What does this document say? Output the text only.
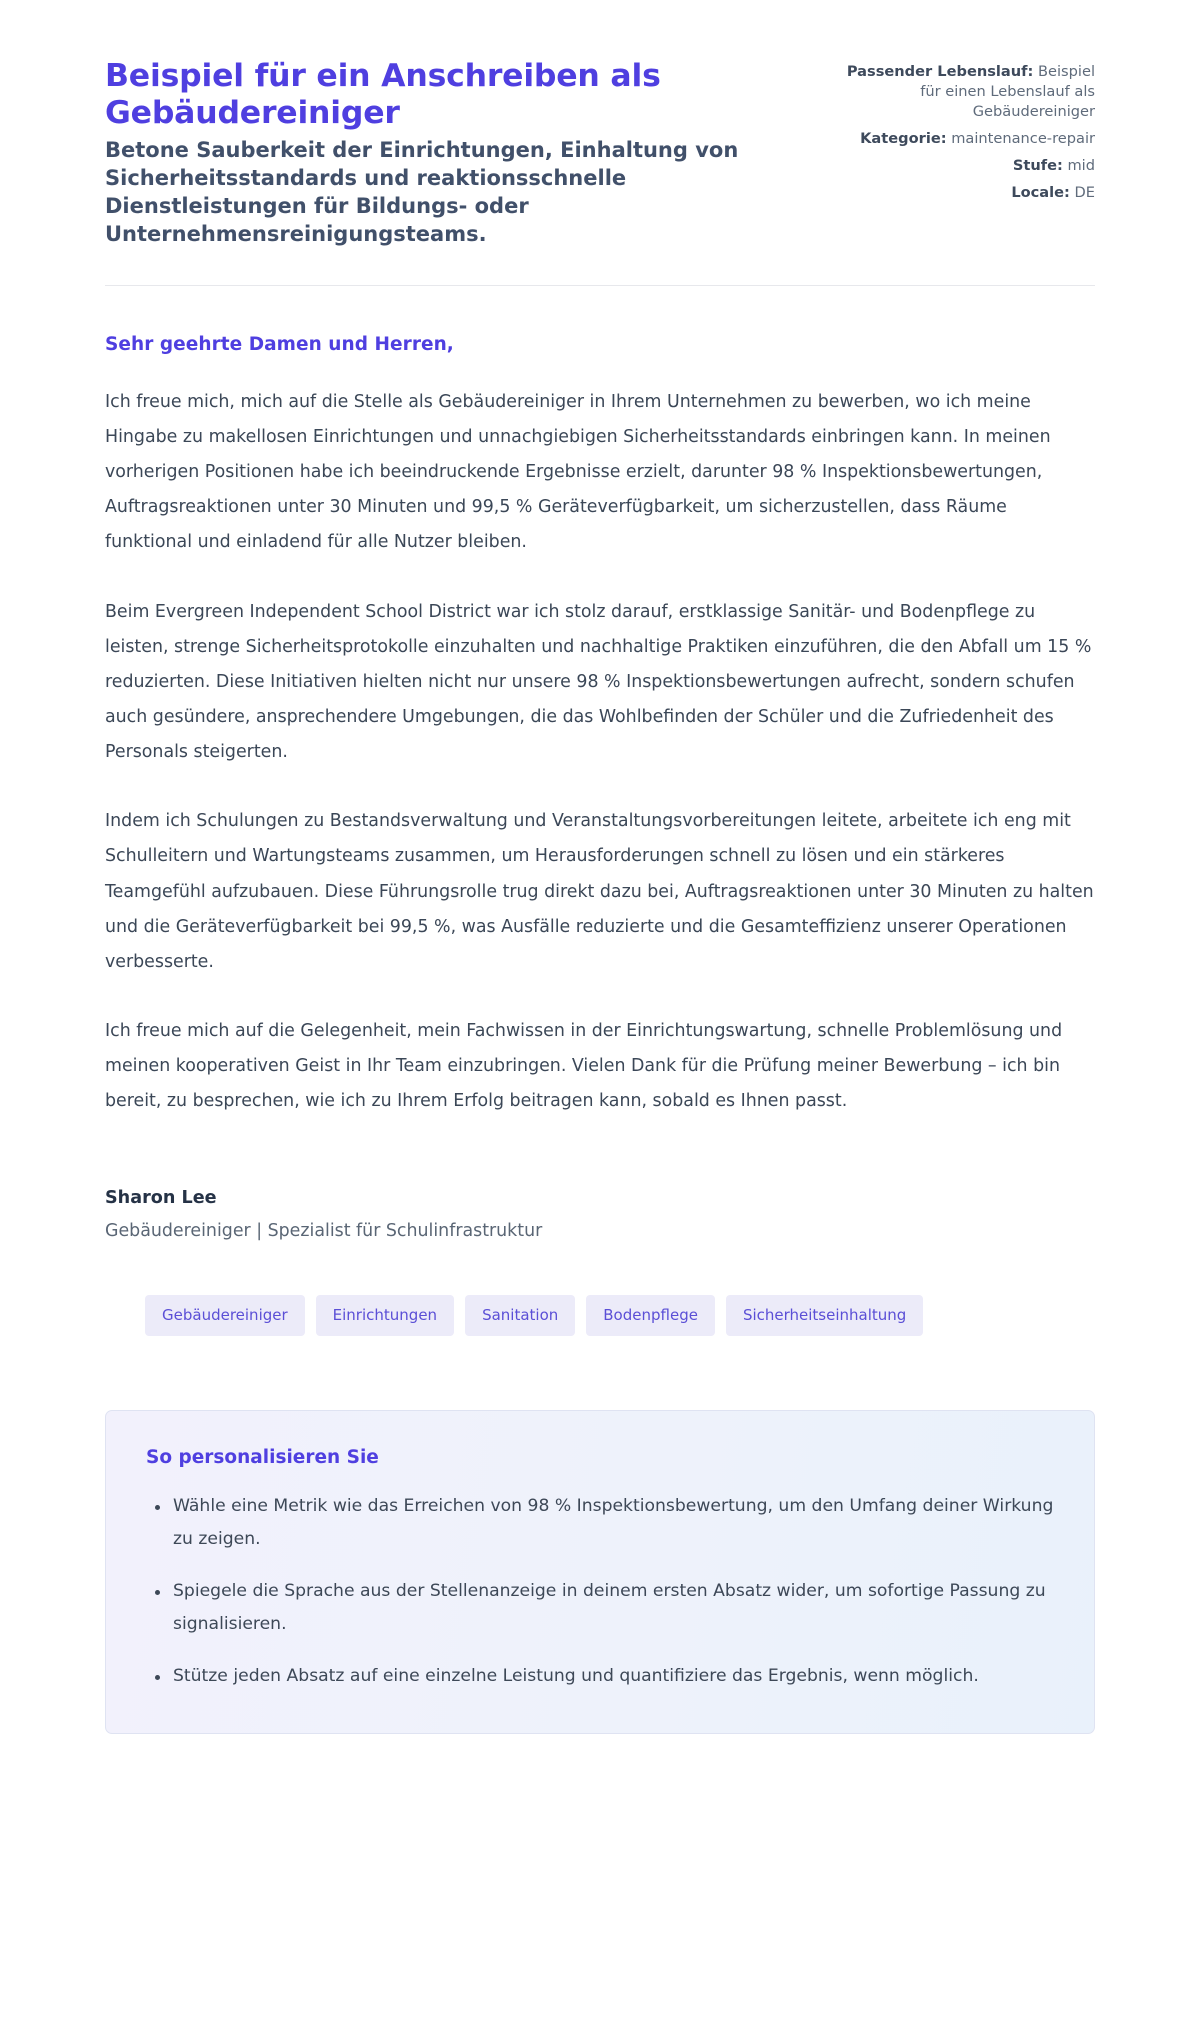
Beispiel für ein Anschreiben als Gebäudereiniger

Betone Sauberkeit der Einrichtungen, Einhaltung von Sicherheitsstandards und reaktionsschnelle Dienstleistungen für Bildungs- oder Unternehmensreinigungsteams.

Passender Lebenslauf: Beispiel für einen Lebenslauf als Gebäudereiniger
Kategorie: maintenance-repair
Stufe: mid
Locale: DE

Sehr geehrte Damen und Herren,

Ich freue mich, mich auf die Stelle als Gebäudereiniger in Ihrem Unternehmen zu bewerben, wo ich meine Hingabe zu makellosen Einrichtungen und unnachgiebigen Sicherheitsstandards einbringen kann. In meinen vorherigen Positionen habe ich beeindruckende Ergebnisse erzielt, darunter 98 % Inspektionsbewertungen, Auftragsreaktionen unter 30 Minuten und 99,5 % Geräteverfügbarkeit, um sicherzustellen, dass Räume funktional und einladend für alle Nutzer bleiben.

Beim Evergreen Independent School District war ich stolz darauf, erstklassige Sanitär- und Bodenpflege zu leisten, strenge Sicherheitsprotokolle einzuhalten und nachhaltige Praktiken einzuführen, die den Abfall um 15 % reduzierten. Diese Initiativen hielten nicht nur unsere 98 % Inspektionsbewertungen aufrecht, sondern schufen auch gesündere, ansprechendere Umgebungen, die das Wohlbefinden der Schüler und die Zufriedenheit des Personals steigerten.

Indem ich Schulungen zu Bestandsverwaltung und Veranstaltungsvorbereitungen leitete, arbeitete ich eng mit Schulleitern und Wartungsteams zusammen, um Herausforderungen schnell zu lösen und ein stärkeres Teamgefühl aufzubauen. Diese Führungsrolle trug direkt dazu bei, Auftragsreaktionen unter 30 Minuten zu halten und die Geräteverfügbarkeit bei 99,5 %, was Ausfälle reduzierte und die Gesamteffizienz unserer Operationen verbesserte.

Ich freue mich auf die Gelegenheit, mein Fachwissen in der Einrichtungswartung, schnelle Problemlösung und meinen kooperativen Geist in Ihr Team einzubringen. Vielen Dank für die Prüfung meiner Bewerbung – ich bin bereit, zu besprechen, wie ich zu Ihrem Erfolg beitragen kann, sobald es Ihnen passt.

Sharon Lee

Gebäudereiniger | Spezialist für Schulinfrastruktur

Gebäudereiniger	Einrichtungen	Sanitation	Bodenpflege	Sicherheitseinhaltung
So personalisieren Sie
Wähle eine Metrik wie das Erreichen von 98 % Inspektionsbewertung, um den Umfang deiner Wirkung zu zeigen.
Spiegele die Sprache aus der Stellenanzeige in deinem ersten Absatz wider, um sofortige Passung zu signalisieren.
Stütze jeden Absatz auf eine einzelne Leistung und quantifiziere das Ergebnis, wenn möglich.
